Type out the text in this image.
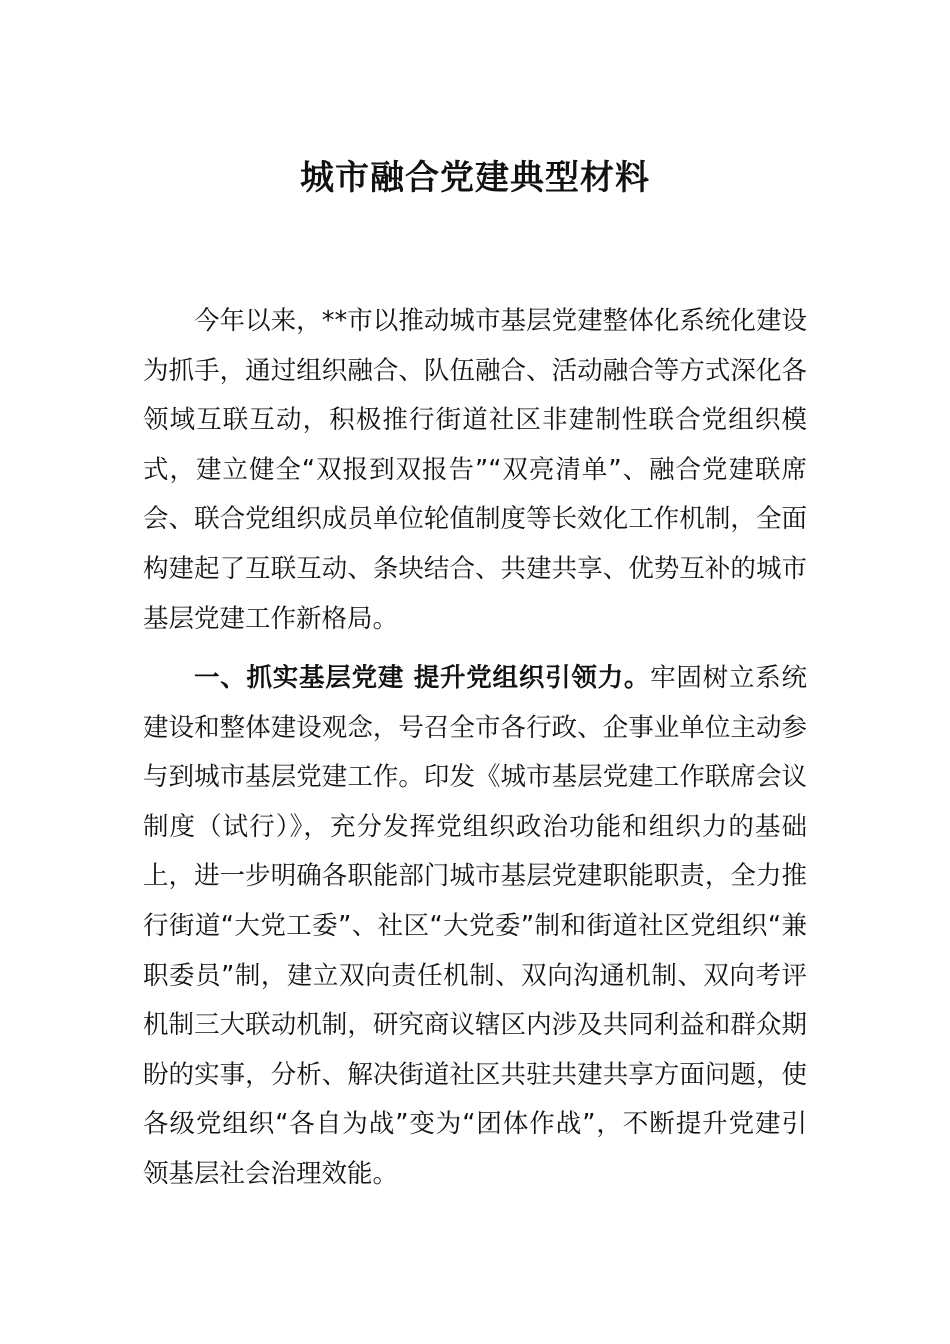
城市融合党建典型材料

今年以来，**市以推动城市基层党建整体化系统化建设为抓手，通过组织融合、队伍融合、活动融合等方式深化各领域互联互动，积极推行街道社区非建制性联合党组织模式，建立健全“双报到双报告”“双亮清单”、融合党建联席会、联合党组织成员单位轮值制度等长效化工作机制，全面构建起了互联互动、条块结合、共建共享、优势互补的城市基层党建工作新格局。

一、抓实基层党建 提升党组织引领力。牢固树立系统建设和整体建设观念，号召全市各行政、企事业单位主动参与到城市基层党建工作。印发《城市基层党建工作联席会议制度（试行）》，充分发挥党组织政治功能和组织力的基础上，进一步明确各职能部门城市基层党建职能职责，全力推行街道“大党工委”、社区“大党委”制和街道社区党组织“兼职委员”制，建立双向责任机制、双向沟通机制、双向考评机制三大联动机制，研究商议辖区内涉及共同利益和群众期盼的实事，分析、解决街道社区共驻共建共享方面问题，使各级党组织“各自为战”变为“团体作战”，不断提升党建引领基层社会治理效能。
